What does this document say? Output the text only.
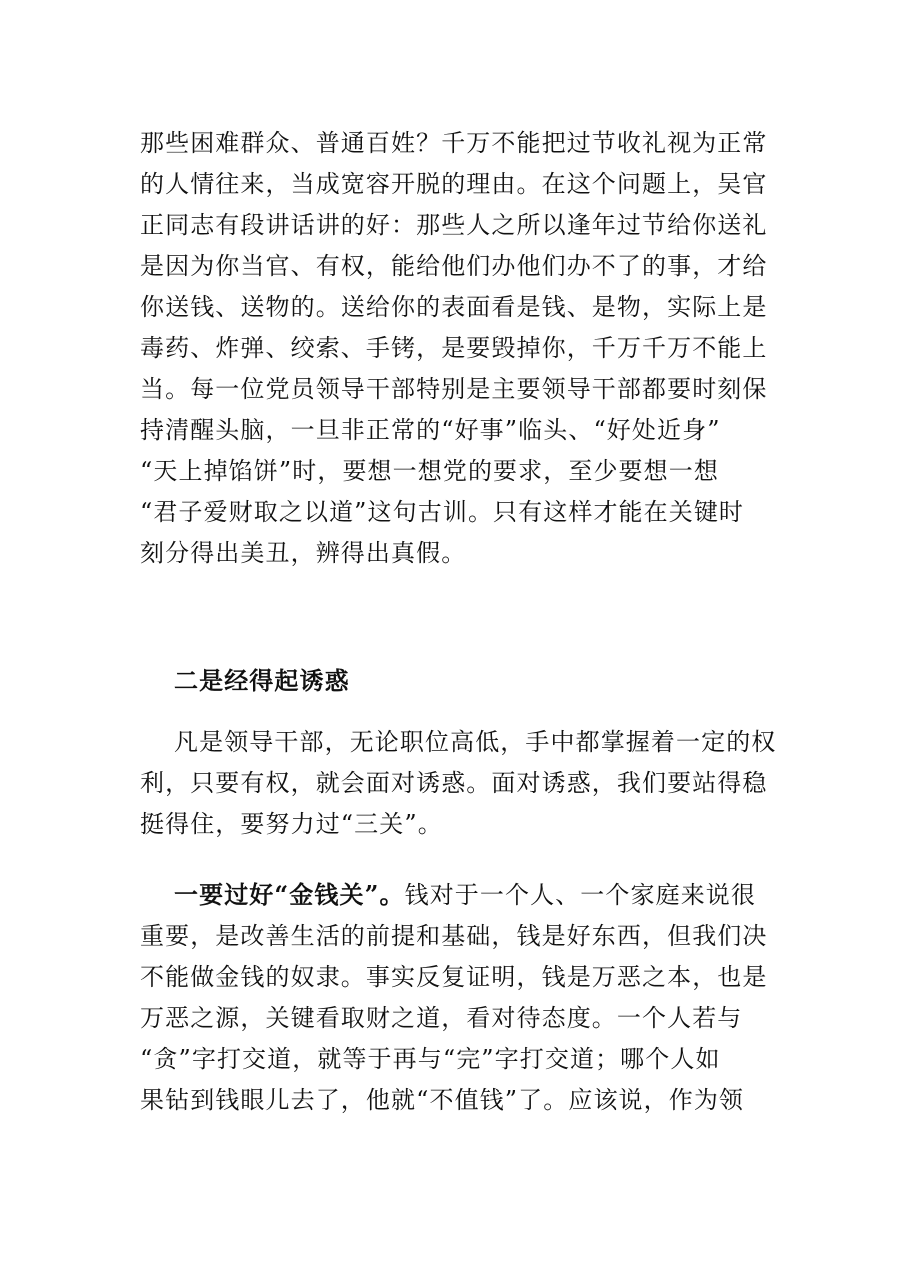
那些困难群众、普通百姓？千万不能把过节收礼视为正常
的人情往来，当成宽容开脱的理由。在这个问题上，吴官
正同志有段讲话讲的好：那些人之所以逢年过节给你送礼
是因为你当官、有权，能给他们办他们办不了的事，才给
你送钱、送物的。送给你的表面看是钱、是物，实际上是
毒药、炸弹、绞索、手铐，是要毁掉你，千万千万不能上
当。每一位党员领导干部特别是主要领导干部都要时刻保
持清醒头脑，一旦非正常的“好事”临头、“好处近身”
“天上掉馅饼”时，要想一想党的要求，至少要想一想
“君子爱财取之以道”这句古训。只有这样才能在关键时
刻分得出美丑，辨得出真假。
二是经得起诱惑
凡是领导干部，无论职位高低，手中都掌握着一定的权
利，只要有权，就会面对诱惑。面对诱惑，我们要站得稳
挺得住，要努力过“三关”。
一要过好“金钱关”。钱对于一个人、一个家庭来说很
重要，是改善生活的前提和基础，钱是好东西，但我们决
不能做金钱的奴隶。事实反复证明，钱是万恶之本，也是
万恶之源，关键看取财之道，看对待态度。一个人若与
“贪”字打交道，就等于再与“完”字打交道；哪个人如
果钻到钱眼儿去了，他就“不值钱”了。应该说，作为领
